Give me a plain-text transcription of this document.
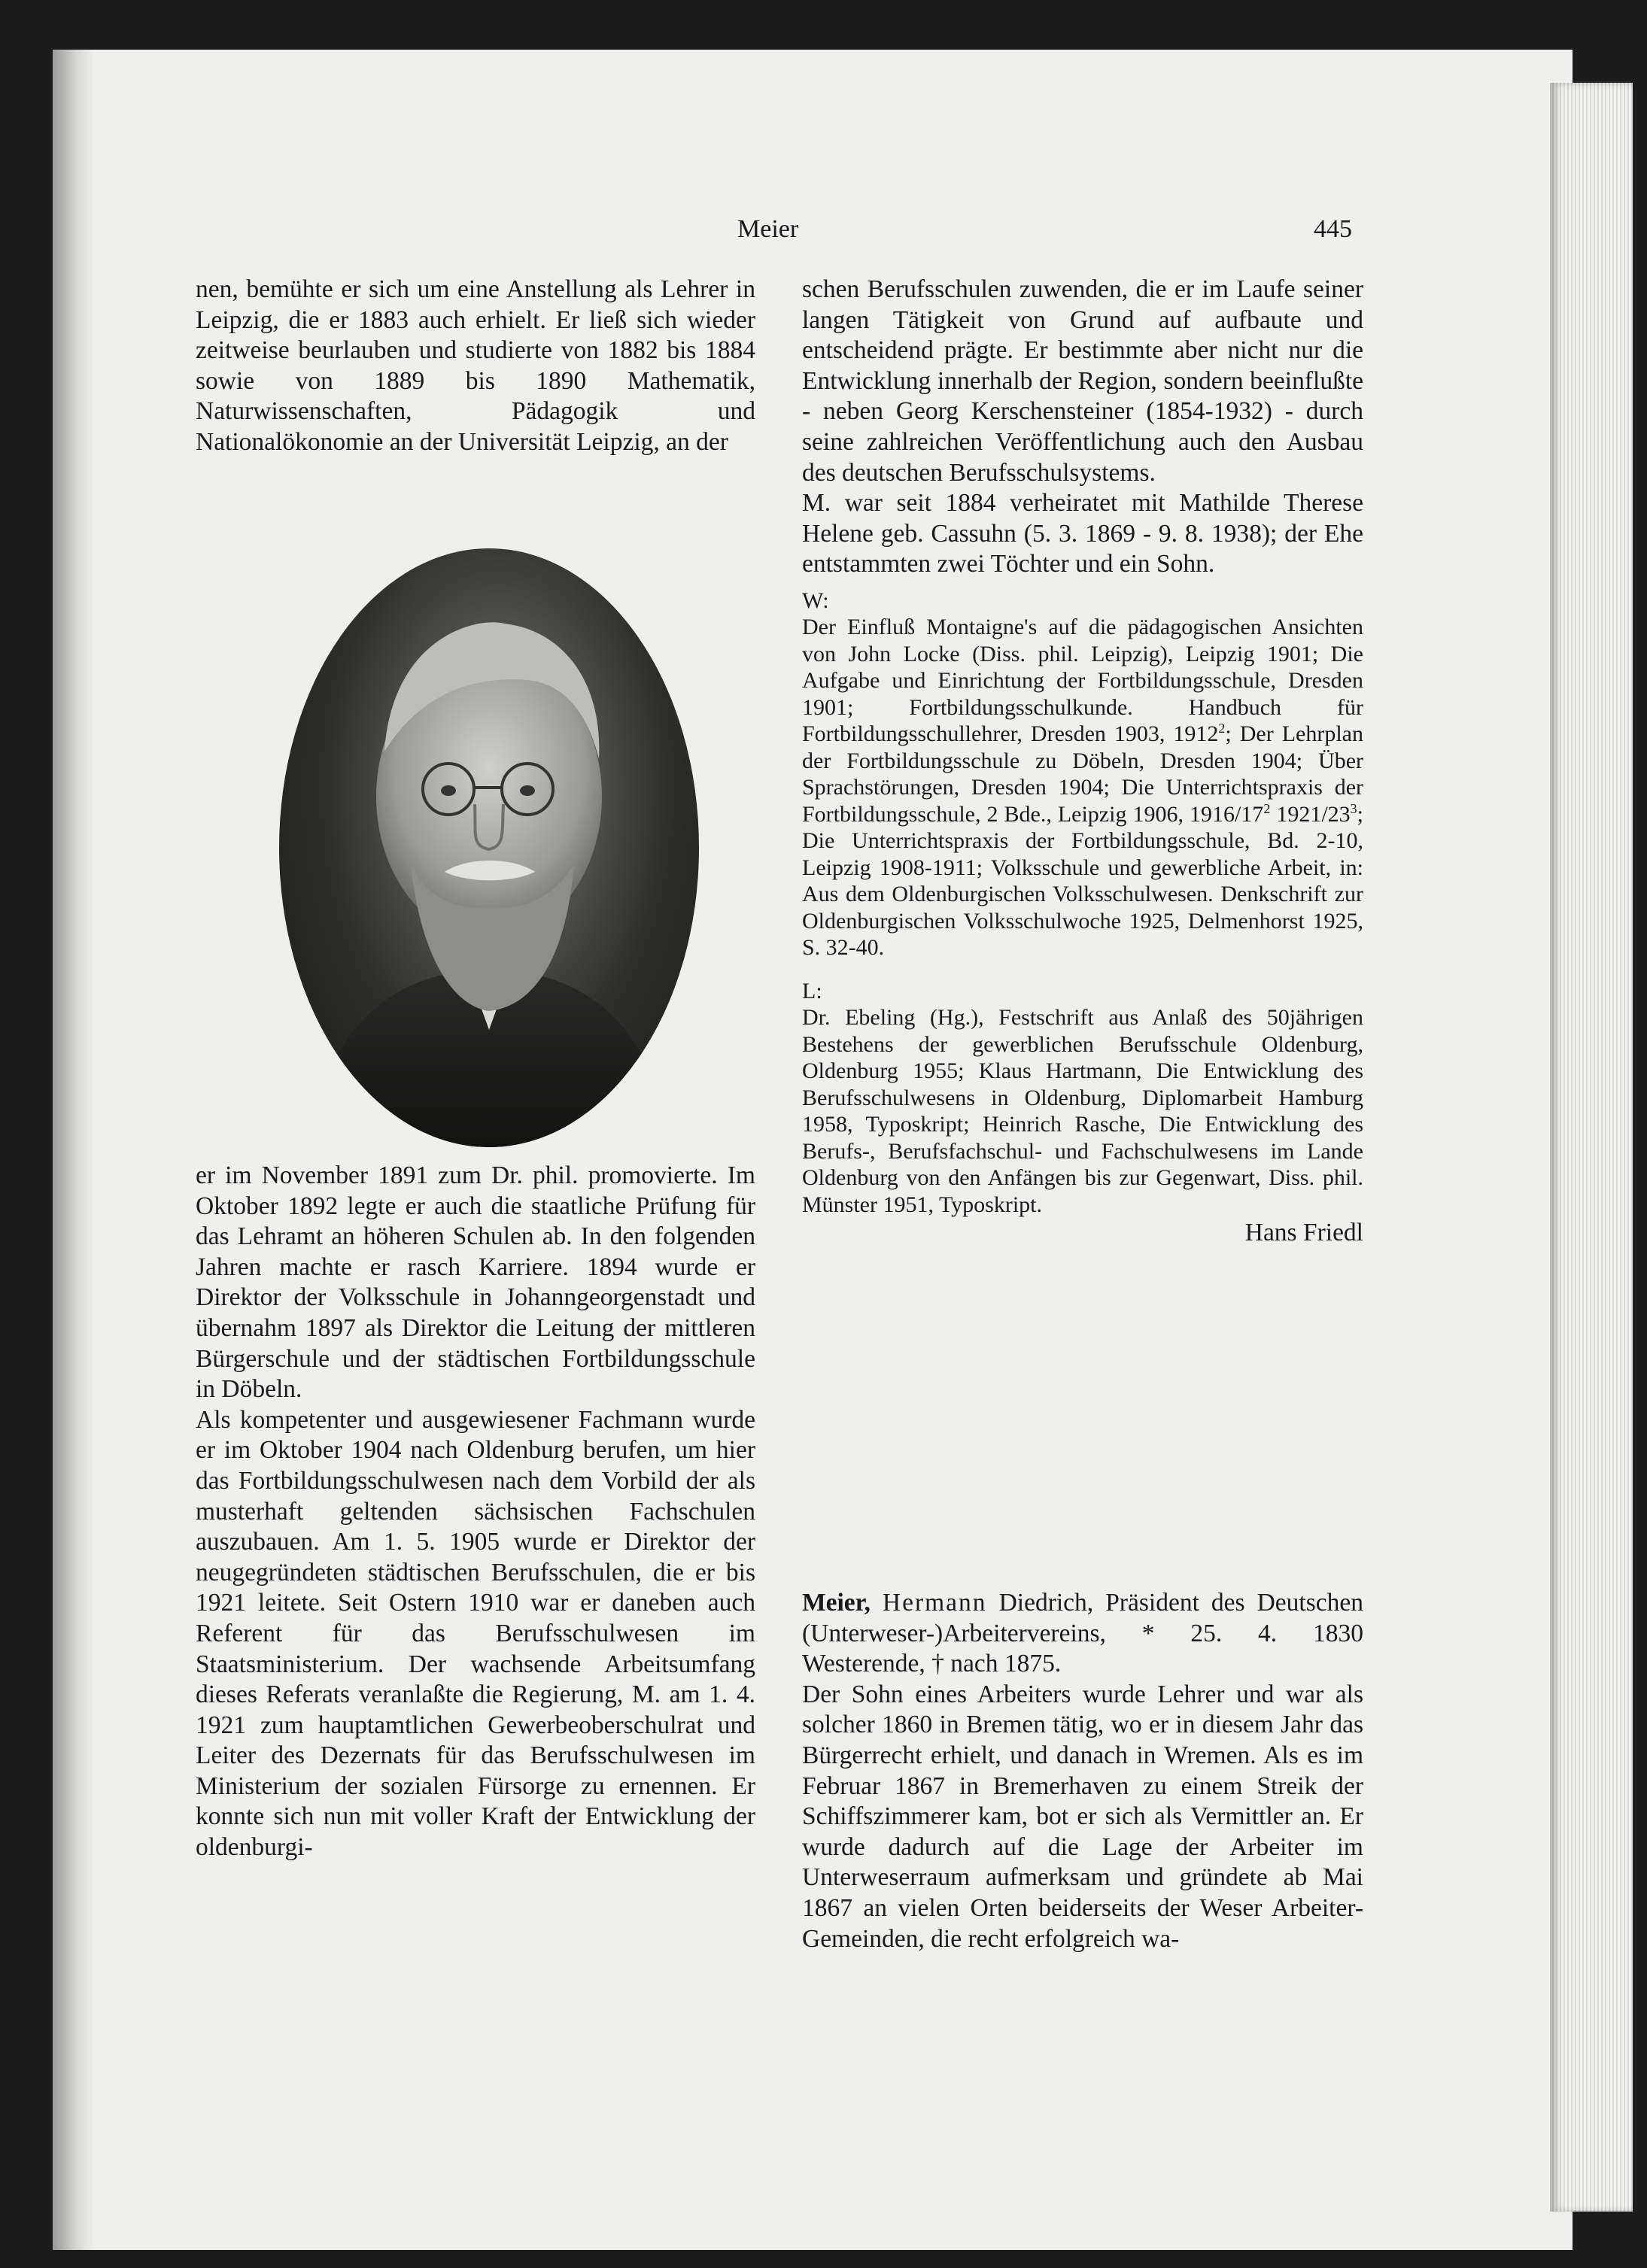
Meier	445

nen, bemühte er sich um eine Anstellung als Lehrer in Leipzig, die er 1883 auch erhielt. Er ließ sich wieder zeitweise beurlauben und studierte von 1882 bis 1884 sowie von 1889 bis 1890 Mathematik, Naturwissenschaften, Pädagogik und Nationalökonomie an der Universität Leipzig, an der

er im November 1891 zum Dr. phil. promovierte. Im Oktober 1892 legte er auch die staatliche Prüfung für das Lehramt an höheren Schulen ab. In den folgenden Jahren machte er rasch Karriere. 1894 wurde er Direktor der Volksschule in Johanngeorgenstadt und übernahm 1897 als Direktor die Leitung der mittleren Bürgerschule und der städtischen Fortbildungsschule in Döbeln.

Als kompetenter und ausgewiesener Fachmann wurde er im Oktober 1904 nach Oldenburg berufen, um hier das Fortbildungsschulwesen nach dem Vorbild der als musterhaft geltenden sächsischen Fachschulen auszubauen. Am 1. 5. 1905 wurde er Direktor der neugegründeten städtischen Berufsschulen, die er bis 1921 leitete. Seit Ostern 1910 war er daneben auch Referent für das Berufsschulwesen im Staatsministerium. Der wachsende Arbeitsumfang dieses Referats veranlaßte die Regierung, M. am 1. 4. 1921 zum hauptamtlichen Gewerbeoberschulrat und Leiter des Dezernats für das Berufsschulwesen im Ministerium der sozialen Fürsorge zu ernennen. Er konnte sich nun mit voller Kraft der Entwicklung der oldenburgi-

schen Berufsschulen zuwenden, die er im Laufe seiner langen Tätigkeit von Grund auf aufbaute und entscheidend prägte. Er bestimmte aber nicht nur die Entwicklung innerhalb der Region, sondern beeinflußte - neben Georg Kerschensteiner (1854-1932) - durch seine zahlreichen Veröffentlichung auch den Ausbau des deutschen Berufsschulsystems.

M. war seit 1884 verheiratet mit Mathilde Therese Helene geb. Cassuhn (5. 3. 1869 - 9. 8. 1938); der Ehe entstammten zwei Töchter und ein Sohn.

W:

Der Einfluß Montaigne's auf die pädagogischen Ansichten von John Locke (Diss. phil. Leipzig), Leipzig 1901; Die Aufgabe und Einrichtung der Fortbildungsschule, Dresden 1901; Fortbildungsschulkunde. Handbuch für Fortbildungsschullehrer, Dresden 1903, 1912$^2$; Der Lehrplan der Fortbildungsschule zu Döbeln, Dresden 1904; Über Sprachstörungen, Dresden 1904; Die Unterrichtspraxis der Fortbildungsschule, 2 Bde., Leipzig 1906, $1916/17^2$ $1921/23^3$; Die Unterrichtspraxis der Fortbildungsschule, Bd. 2-10, Leipzig 1908-1911; Volksschule und gewerbliche Arbeit, in: Aus dem Oldenburgischen Volksschulwesen. Denkschrift zur Oldenburgischen Volksschulwoche 1925, Delmenhorst 1925, S. 32-40.

L:

Dr. Ebeling (Hg.), Festschrift aus Anlaß des 50jährigen Bestehens der gewerblichen Berufsschule Oldenburg, Oldenburg 1955; Klaus Hartmann, Die Entwicklung des Berufsschulwesens in Oldenburg, Diplomarbeit Hamburg 1958, Typoskript; Heinrich Rasche, Die Entwicklung des Berufs-, Berufsfachschul- und Fachschulwesens im Lande Oldenburg von den Anfängen bis zur Gegenwart, Diss. phil. Münster 1951, Typoskript.

Hans Friedl

Meier, Hermann Diedrich, Präsident des Deutschen (Unterweser-)Arbeitervereins, * 25. 4. 1830 Westerende, † nach 1875.

Der Sohn eines Arbeiters wurde Lehrer und war als solcher 1860 in Bremen tätig, wo er in diesem Jahr das Bürgerrecht erhielt, und danach in Wremen. Als es im Februar 1867 in Bremerhaven zu einem Streik der Schiffszimmerer kam, bot er sich als Vermittler an. Er wurde dadurch auf die Lage der Arbeiter im Unterweserraum aufmerksam und gründete ab Mai 1867 an vielen Orten beiderseits der Weser Arbeiter-Gemeinden, die recht erfolgreich wa-
